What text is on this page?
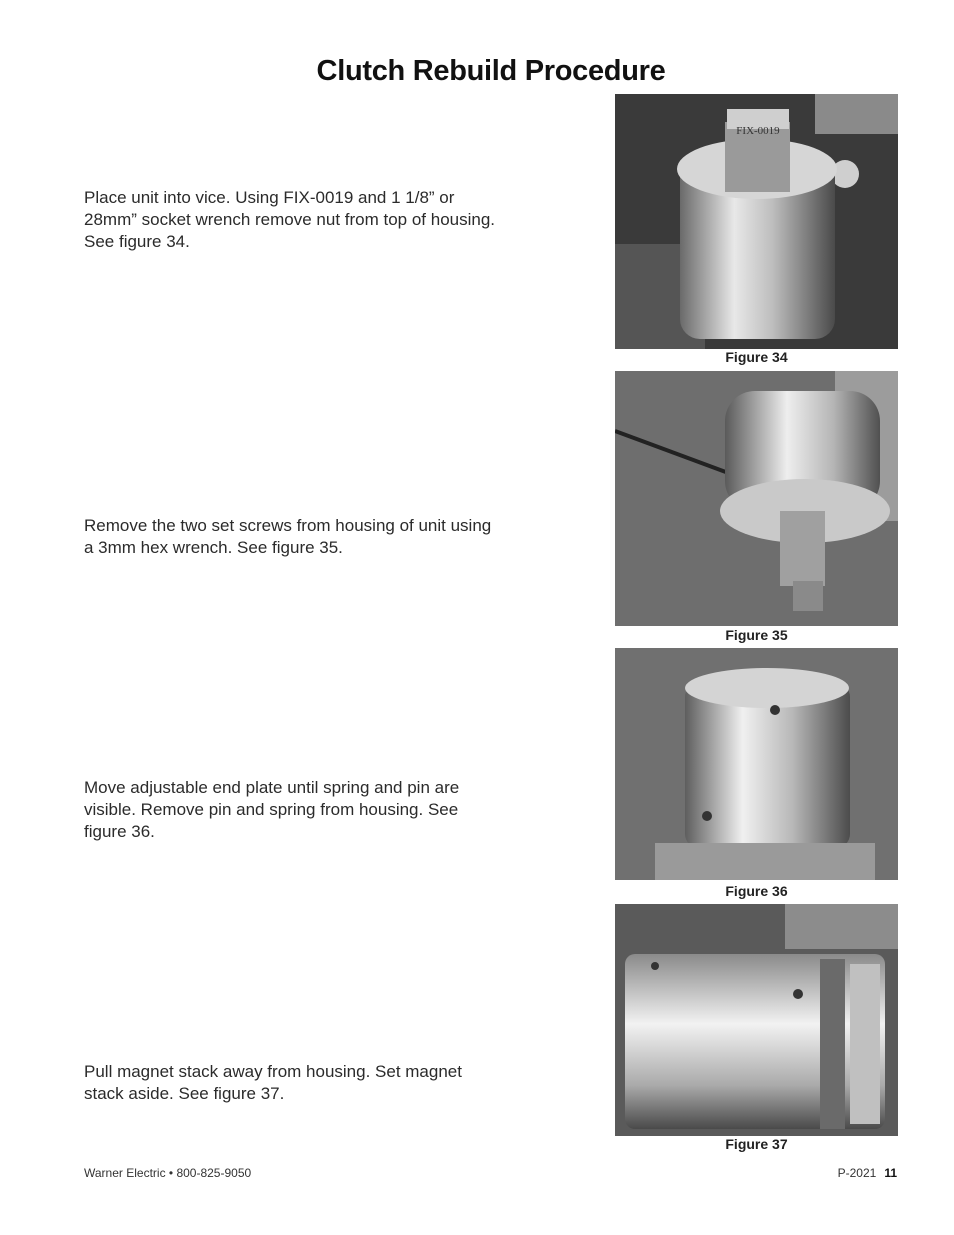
Clutch Rebuild Procedure
Place unit into vice. Using FIX-0019 and 1 1/8” or 28mm” socket wrench remove nut from top of housing. See figure 34.
FIX-0019
Figure 34
Remove the two set screws from housing of unit using a 3mm hex wrench. See figure 35.
Figure 35
Move adjustable end plate until spring and pin are visible. Remove pin and spring from housing. See figure 36.
Figure 36
Pull magnet stack away from housing. Set magnet stack aside. See figure 37.
Figure 37
Warner Electric • 800-825-9050	P-2021 11
